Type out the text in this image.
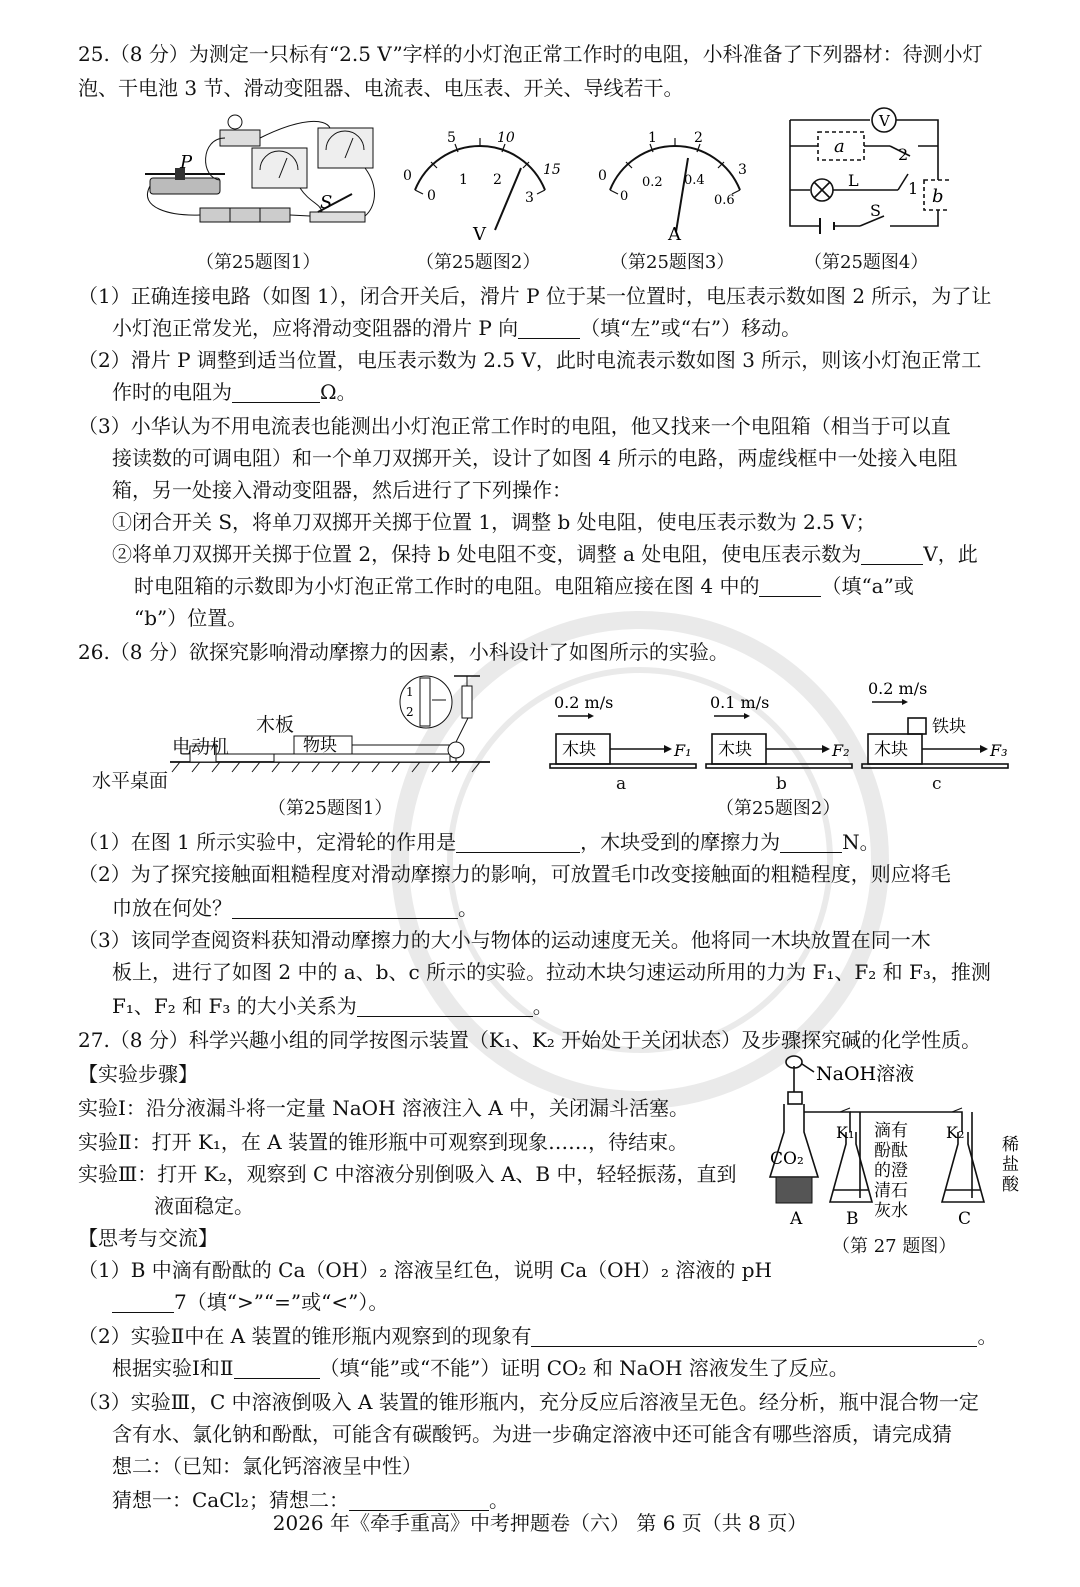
25.（8 分）为测定一只标有“2.5 V”字样的小灯泡正常工作时的电阻，小科准备了下列器材：待测小灯
泡、干电池 3 节、滑动变阻器、电流表、电压表、开关、导线若干。
P
S
（第25题图1）
0
5	10
15
0
1 2
3
V
（第25题图2）
0
1	2
3
0
0.2 0.4
0.6
A
（第25题图3）
V
a
b
L
S
2
1
（第25题图4）
（1）正确连接电路（如图 1），闭合开关后，滑片 P 位于某一位置时，电压表示数如图 2 所示，为了让
小灯泡正常发光，应将滑动变阻器的滑片 P 向	（填“左”或“右”）移动。
（2）滑片 P 调整到适当位置，电压表示数为 2.5 V，此时电流表示数如图 3 所示，则该小灯泡正常工
作时的电阻为	Ω。
（3）小华认为不用电流表也能测出小灯泡正常工作时的电阻，他又找来一个电阻箱（相当于可以直
接读数的可调电阻）和一个单刀双掷开关，设计了如图 4 所示的电路，两虚线框中一处接入电阻
箱，另一处接入滑动变阻器，然后进行了下列操作：
①闭合开关 S，将单刀双掷开关掷于位置 1，调整 b 处电阻，使电压表示数为 2.5 V；
②将单刀双掷开关掷于位置 2，保持 b 处电阻不变，调整 a 处电阻，使电压表示数为	V，此
时电阻箱的示数即为小灯泡正常工作时的电阻。电阻箱应接在图 4 中的	（填“a”或
“b”）位置。
26.（8 分）欲探究影响滑动摩擦力的因素，小科设计了如图所示的实验。
1
2
物块
电动机
木板
水平桌面
（第25题图1）
0.2 m/s	0.1 m/s
0.2 m/s
木块	木块	木块
铁块
F₁	F₂	F₃
a	b	c
（第25题图2）
（1）在图 1 所示实验中，定滑轮的作用是	，木块受到的摩擦力为	N。
（2）为了探究接触面粗糙程度对滑动摩擦力的影响，可放置毛巾改变接触面的粗糙程度，则应将毛
巾放在何处？	。
（3）该同学查阅资料获知滑动摩擦力的大小与物体的运动速度无关。他将同一木块放置在同一木
板上，进行了如图 2 中的 a、b、c 所示的实验。拉动木块匀速运动所用的力为 F₁、F₂ 和 F₃，推测
F₁、F₂ 和 F₃ 的大小关系为	。
27.（8 分）科学兴趣小组的同学按图示装置（K₁、K₂ 开始处于关闭状态）及步骤探究碱的化学性质。
【实验步骤】
实验Ⅰ：沿分液漏斗将一定量 NaOH 溶液注入 A 中，关闭漏斗活塞。
实验Ⅱ：打开 K₁，在 A 装置的锥形瓶中可观察到现象……，待结束。
实验Ⅲ：打开 K₂，观察到 C 中溶液分别倒吸入 A、B 中，轻轻振荡，直到
液面稳定。
【思考与交流】
NaOH溶液
CO₂
K₁	K₂
滴有
酚酞
的澄
清石
灰水
稀
盐
酸
A	B	C
（第 27 题图）
（1）B 中滴有酚酞的 Ca（OH）₂ 溶液呈红色，说明 Ca（OH）₂ 溶液的 pH
7（填“>”“=”或“<”）。
（2）实验Ⅱ中在 A 装置的锥形瓶内观察到的现象有	。
根据实验Ⅰ和Ⅱ	（填“能”或“不能”）证明 CO₂ 和 NaOH 溶液发生了反应。
（3）实验Ⅲ，C 中溶液倒吸入 A 装置的锥形瓶内，充分反应后溶液呈无色。经分析，瓶中混合物一定
含有水、氯化钠和酚酞，可能含有碳酸钙。为进一步确定溶液中还可能含有哪些溶质，请完成猜
想二：（已知：氯化钙溶液呈中性）
猜想一：CaCl₂；猜想二：	。
2026 年《牵手重高》中考押题卷（六） 第 6 页（共 8 页）
